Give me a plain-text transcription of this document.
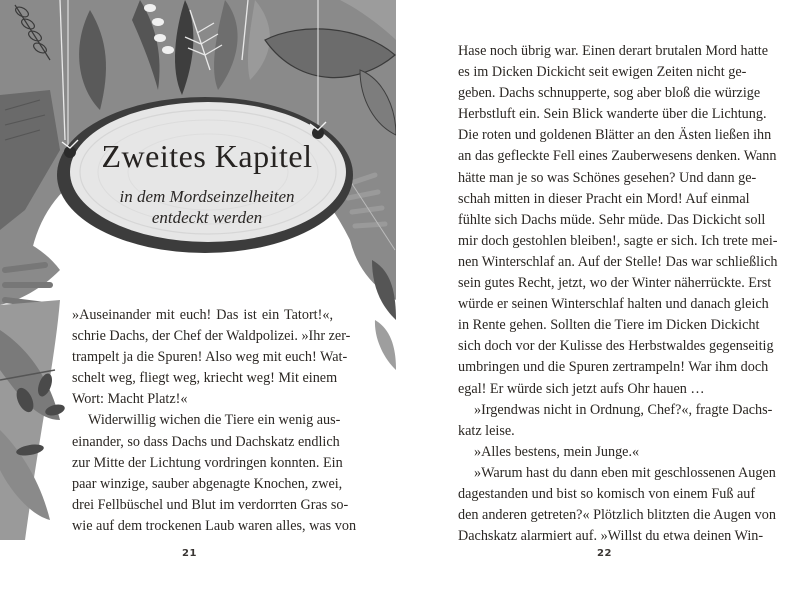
Zweites Kapitel
in dem Mordseinzelheiten
entdeckt werden
»Auseinander mit euch! Das ist ein Tatort!«,
schrie Dachs, der Chef der Waldpolizei. »Ihr zer-
trampelt ja die Spuren! Also weg mit euch! Wat-
schelt weg, fliegt weg, kriecht weg! Mit einem
Wort: Macht Platz!«
Widerwillig wichen die Tiere ein wenig aus-
einander, so dass Dachs und Dachskatz endlich
zur Mitte der Lichtung vordringen konnten. Ein
paar winzige, sauber abgenagte Knochen, zwei,
drei Fellbüschel und Blut im verdorrten Gras so-
wie auf dem trockenen Laub waren alles, was von
21
Hase noch übrig war. Einen derart brutalen Mord hatte
es im Dicken Dickicht seit ewigen Zeiten nicht ge-
geben. Dachs schnupperte, sog aber bloß die würzige
Herbstluft ein. Sein Blick wanderte über die Lichtung.
Die roten und goldenen Blätter an den Ästen ließen ihn
an das gefleckte Fell eines Zauberwesens denken. Wann
hätte man je so was Schönes gesehen? Und dann ge-
schah mitten in dieser Pracht ein Mord! Auf einmal
fühlte sich Dachs müde. Sehr müde. Das Dickicht soll
mir doch gestohlen bleiben!, sagte er sich. Ich trete mei-
nen Winterschlaf an. Auf der Stelle! Das war schließlich
sein gutes Recht, jetzt, wo der Winter näherrückte. Erst
würde er seinen Winterschlaf halten und danach gleich
in Rente gehen. Sollten die Tiere im Dicken Dickicht
sich doch vor der Kulisse des Herbstwaldes gegenseitig
umbringen und die Spuren zertrampeln! War ihm doch
egal! Er würde sich jetzt aufs Ohr hauen …
»Irgendwas nicht in Ordnung, Chef?«, fragte Dachs-
katz leise.
»Alles bestens, mein Junge.«
»Warum hast du dann eben mit geschlossenen Augen
dagestanden und bist so komisch von einem Fuß auf
den anderen getreten?« Plötzlich blitzten die Augen von
Dachskatz alarmiert auf. »Willst du etwa deinen Win-
22
